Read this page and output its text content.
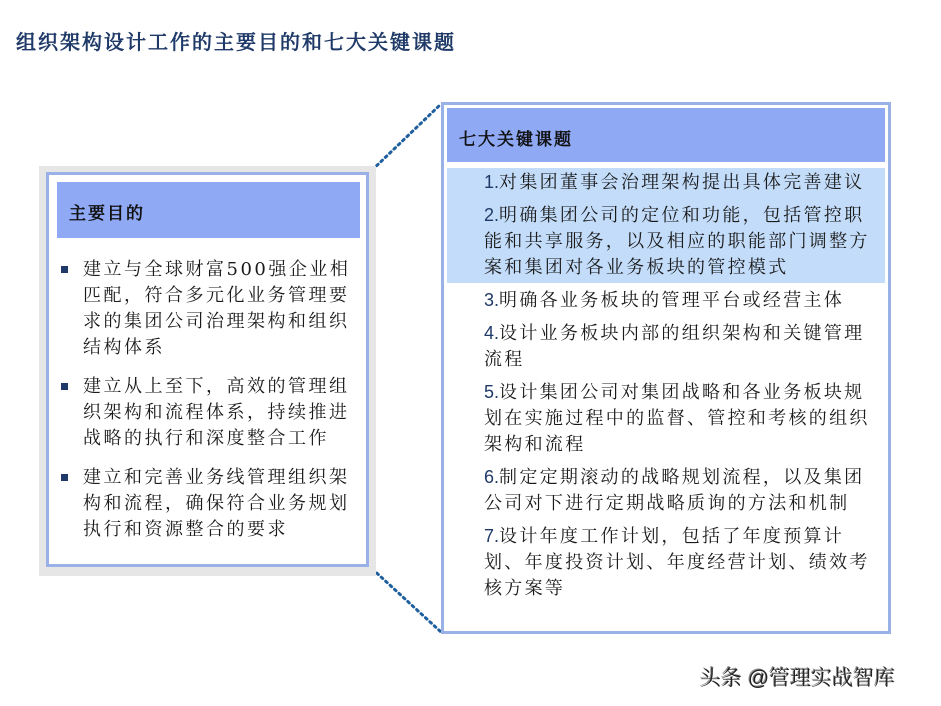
组织架构设计工作的主要目的和七大关键课题
主要目的
建立与全球财富500强企业相匹配，符合多元化业务管理要求的集团公司治理架构和组织结构体系
建立从上至下，高效的管理组织架构和流程体系，持续推进战略的执行和深度整合工作
建立和完善业务线管理组织架构和流程，确保符合业务规划执行和资源整合的要求
七大关键课题
1.对集团董事会治理架构提出具体完善建议
2.明确集团公司的定位和功能，包括管控职能和共享服务，以及相应的职能部门调整方案和集团对各业务板块的管控模式
3.明确各业务板块的管理平台或经营主体
4.设计业务板块内部的组织架构和关键管理流程
5.设计集团公司对集团战略和各业务板块规划在实施过程中的监督、管控和考核的组织架构和流程
6.制定定期滚动的战略规划流程，以及集团公司对下进行定期战略质询的方法和机制
7.设计年度工作计划，包括了年度预算计划、年度投资计划、年度经营计划、绩效考核方案等
头条 @管理实战智库
